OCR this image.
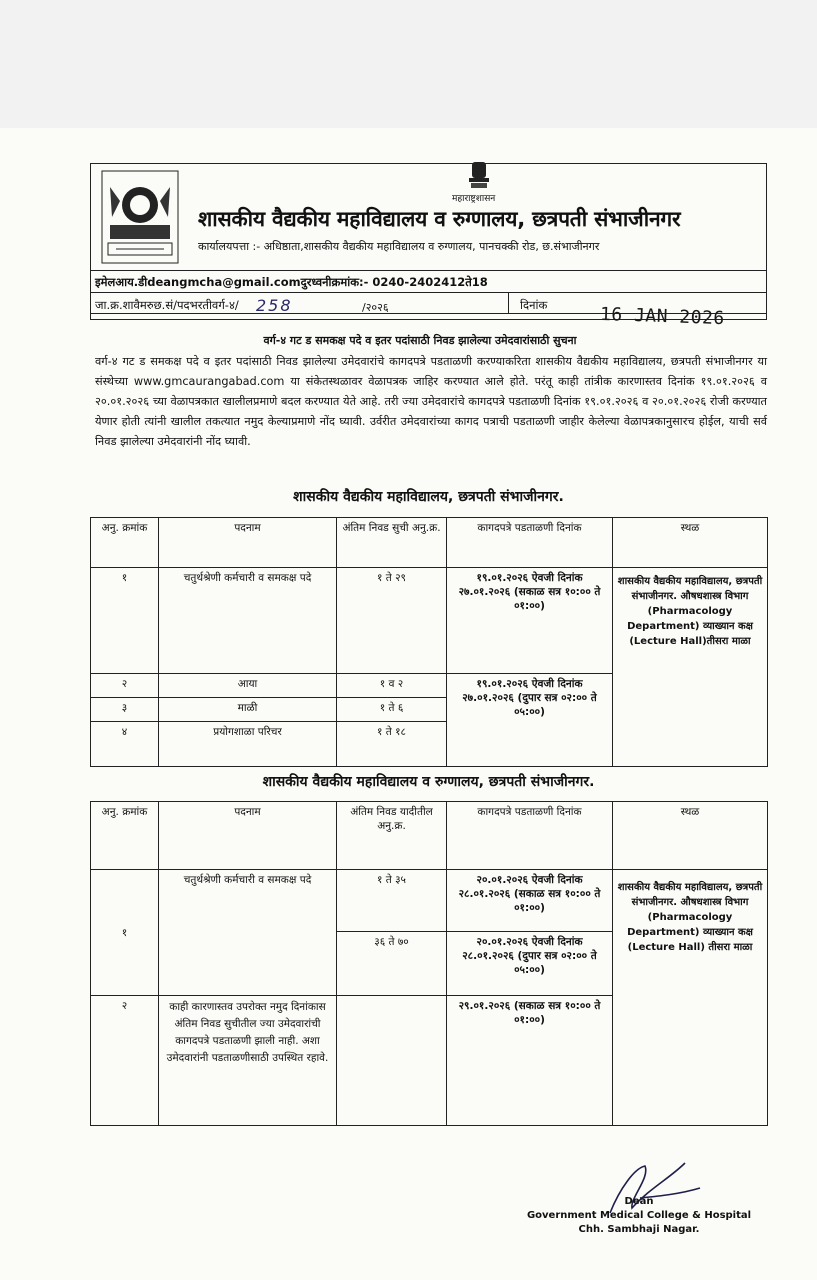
महाराष्ट्रशासन
शासकीय वैद्यकीय महाविद्यालय व रुग्णालय, छत्रपती संभाजीनगर
कार्यालयपत्ता :- अधिष्ठाता,शासकीय वैद्यकीय महाविद्यालय व रुग्णालय, पानचक्की रोड, छ.संभाजीनगर
इमेलआय.डीdeangmcha@gmail.comदुरध्वनीक्रमांक:- 0240-2402412ते18
जा.क्र.शावैमरुछ.सं/पदभरतीवर्ग-४/ 258	/२०२६	दिनांक	16 JAN 2026
वर्ग-४ गट ड समकक्ष पदे व इतर पदांसाठी निवड झालेल्या उमेदवारांसाठी सुचना
वर्ग-४ गट ड समकक्ष पदे व इतर पदांसाठी निवड झालेल्या उमेदवारांचे कागदपत्रे पडताळणी करण्याकरिता शासकीय वैद्यकीय महाविद्यालय, छत्रपती संभाजीनगर या संस्थेच्या www.gmcaurangabad.com या संकेतस्थळावर वेळापत्रक जाहिर करण्यात आले होते. परंतू काही तांत्रीक कारणास्तव दिनांक १९.०१.२०२६ व २०.०१.२०२६ च्या वेळापत्रकात खालीलप्रमाणे बदल करण्यात येते आहे. तरी ज्या उमेदवारांचे कागदपत्रे पडताळणी दिनांक १९.०१.२०२६ व २०.०१.२०२६ रोजी करण्यात येणार होती त्यांनी खालील तकत्यात नमुद केल्याप्रमाणे नोंद घ्यावी. उर्वरीत उमेदवारांच्या कागद पत्राची पडताळणी जाहीर केलेल्या वेळापत्रकानुसारच होईल, याची सर्व निवड झालेल्या उमेदवारांनी नोंद घ्यावी.
शासकीय वैद्यकीय महाविद्यालय, छत्रपती संभाजीनगर.
अनु. क्रमांक	पदनाम	अंतिम निवड सुची अनु.क्र.	कागदपत्रे पडताळणी दिनांक	स्थळ
१	चतुर्थश्रेणी कर्मचारी व समकक्ष पदे	१ ते २९	१९.०१.२०२६ ऐवजी दिनांक २७.०१.२०२६ (सकाळ सत्र १०:०० ते ०१:००)	शासकीय वैद्यकीय महाविद्यालय, छत्रपती संभाजीनगर. औषधशास्त्र विभाग (Pharmacology Department) व्याख्यान कक्ष (Lecture Hall)तीसरा माळा
२	आया	१ व २	१९.०१.२०२६ ऐवजी दिनांक २७.०१.२०२६ (दुपार सत्र ०२:०० ते ०५:००)	
३	माळी	१ ते ६		
४	प्रयोगशाळा परिचर	१ ते १८		
शासकीय वैद्यकीय महाविद्यालय व रुग्णालय, छत्रपती संभाजीनगर.
अनु. क्रमांक	पदनाम	अंतिम निवड यादीतील अनु.क्र.	कागदपत्रे पडताळणी दिनांक	स्थळ
१	चतुर्थश्रेणी कर्मचारी व समकक्ष पदे	१ ते ३५	२०.०१.२०२६ ऐवजी दिनांक २८.०१.२०२६ (सकाळ सत्र १०:०० ते ०१:००)	शासकीय वैद्यकीय महाविद्यालय, छत्रपती संभाजीनगर. औषधशास्त्र विभाग (Pharmacology Department) व्याख्यान कक्ष (Lecture Hall) तीसरा माळा
		३६ ते ७०	२०.०१.२०२६ ऐवजी दिनांक २८.०१.२०२६ (दुपार सत्र ०२:०० ते ०५:००)	
२	काही कारणास्तव उपरोक्त नमुद दिनांकास अंतिम निवड सुचीतील ज्या उमेदवारांची कागदपत्रे पडताळणी झाली नाही. अशा उमेदवारांनी पडताळणीसाठी उपस्थित रहावे.		२९.०१.२०२६ (सकाळ सत्र १०:०० ते ०१:००)	
Dean
Government Medical College & Hospital
Chh. Sambhaji Nagar.
